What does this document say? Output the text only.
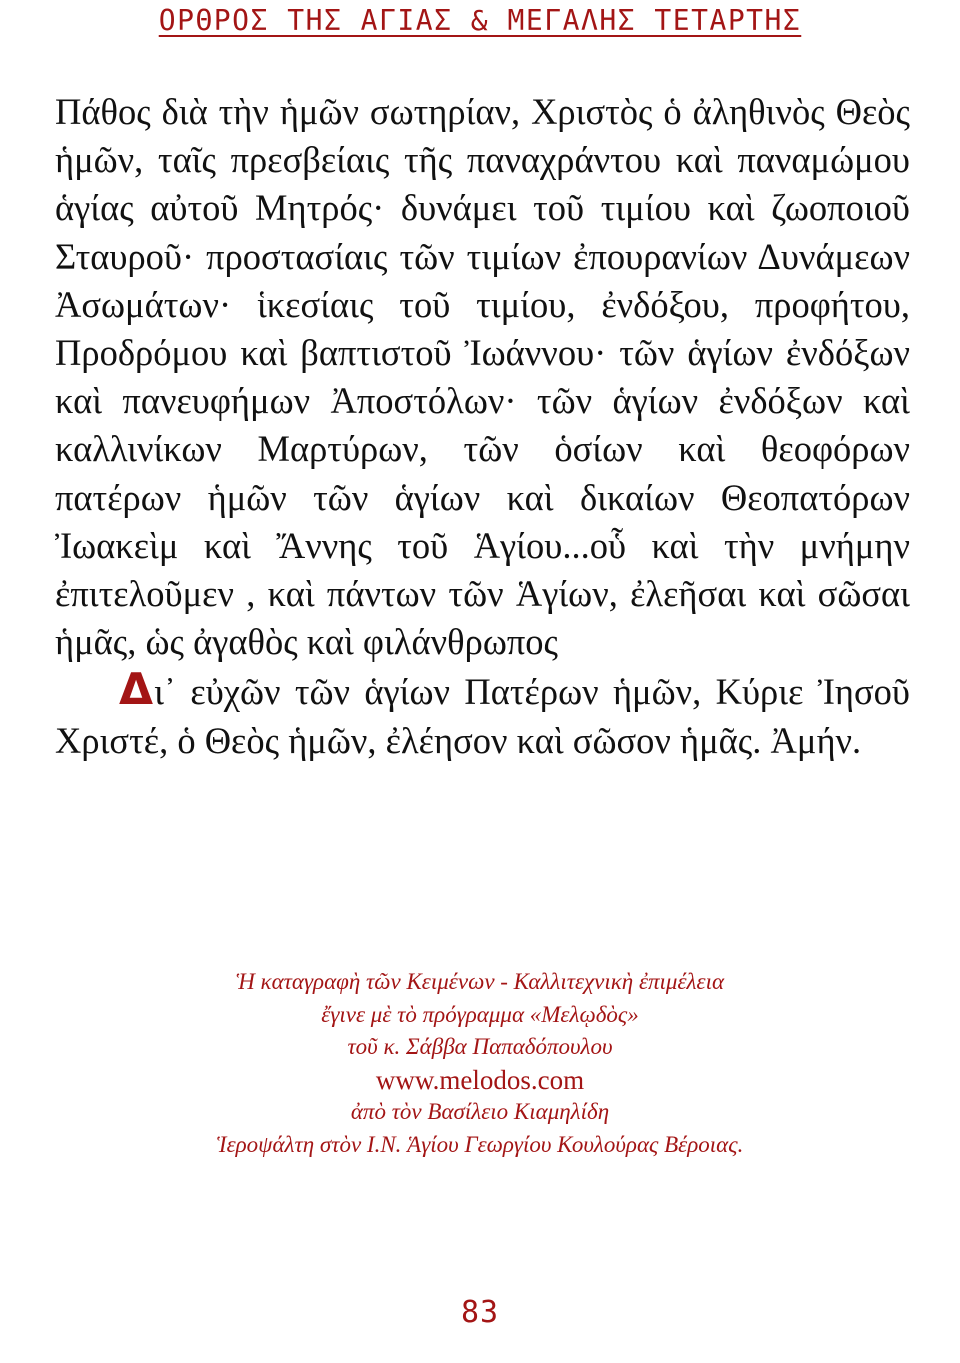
ΟΡΘΡΟΣ ΤΗΣ ΑΓΙΑΣ & ΜΕΓΑΛΗΣ ΤΕΤΑΡΤΗΣ

Πάθος διὰ τὴν ἡμῶν σωτηρίαν, Χριστὸς ὁ ἀληθινὸς Θεὸς ἡμῶν, ταῖς πρεσβείαις τῆς παναχράντου καὶ παναμώμου ἁγίας αὐτοῦ Μητρός· δυνάμει τοῦ τιμίου καὶ ζωοποιοῦ Σταυροῦ· προστασίαις τῶν τιμίων ἐπουρανίων Δυνάμεων Ἀσωμάτων· ἱκεσίαις τοῦ τιμίου, ἐνδόξου, προφήτου, Προδρόμου καὶ βαπτιστοῦ Ἰωάννου· τῶν ἁγίων ἐνδόξων καὶ πανευφήμων Ἀποστόλων· τῶν ἁγίων ἐνδόξων καὶ καλλινίκων Μαρτύρων, τῶν ὁσίων καὶ θεοφόρων πατέρων ἡμῶν τῶν ἁγίων καὶ δικαίων Θεοπατόρων Ἰωακεὶμ καὶ Ἄννης τοῦ Ἁγίου...οὗ καὶ τὴν μνήμην ἐπιτελοῦμεν , καὶ πάντων τῶν Ἁγίων, ἐλεῆσαι καὶ σῶσαι ἡμᾶς, ὡς ἀγαθὸς καὶ φιλάνθρωπος

Δι᾽ εὐχῶν τῶν ἁγίων Πατέρων ἡμῶν, Κύριε Ἰησοῦ Χριστέ, ὁ Θεὸς ἡμῶν, ἐλέησον καὶ σῶσον ἡμᾶς. Ἀμήν.

Ἡ καταγραφὴ τῶν Κειμένων - Καλλιτεχνικὴ ἐπιμέλεια
ἔγινε μὲ τὸ πρόγραμμα «Μελῳδὸς»
τοῦ κ. Σάββα Παπαδόπουλου
www.melodos.com
ἀπὸ τὸν Βασίλειο Κιαμηλίδη
Ἱεροψάλτη στὸν Ι.Ν. Ἁγίου Γεωργίου Κουλούρας Βέροιας.
83
